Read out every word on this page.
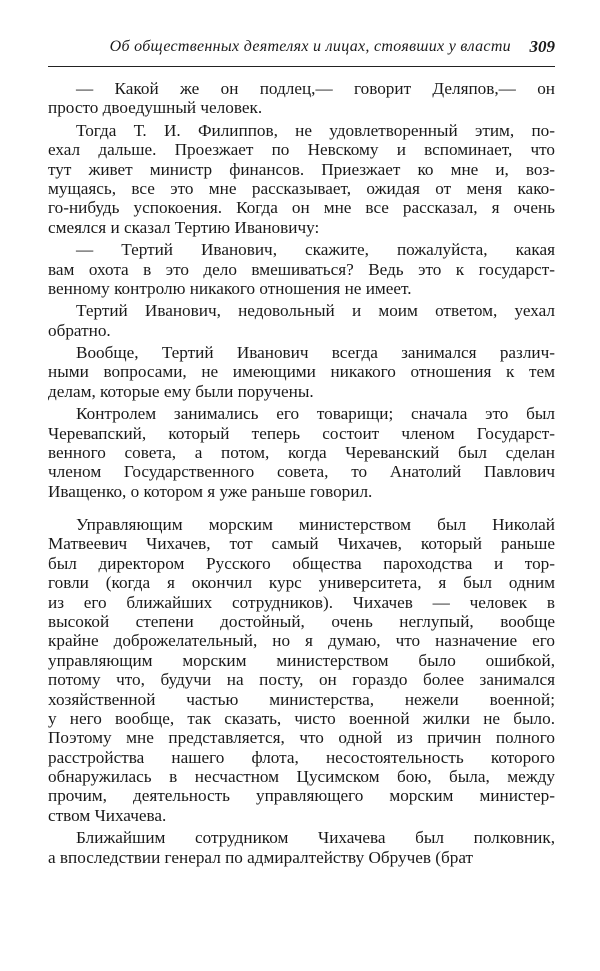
Об общественных деятелях и лицах, стоявших у власти 309
— Какой же он подлец,— говорит Деляпов,— он
просто двоедушный человек.
Тогда Т. И. Филиппов, не удовлетворенный этим, по-
ехал дальше. Проезжает по Невскому и вспоминает, что
тут живет министр финансов. Приезжает ко мне и, воз-
мущаясь, все это мне рассказывает, ожидая от меня како-
го-нибудь успокоения. Когда он мне все рассказал, я очень
смеялся и сказал Тертию Ивановичу:
— Тертий Иванович, скажите, пожалуйста, какая
вам охота в это дело вмешиваться? Ведь это к государст-
венному контролю никакого отношения не имеет.
Тертий Иванович, недовольный и моим ответом, уехал
обратно.
Вообще, Тертий Иванович всегда занимался различ-
ными вопросами, не имеющими никакого отношения к тем
делам, которые ему были поручены.
Контролем занимались его товарищи; сначала это был
Черевапский, который теперь состоит членом Государст-
венного совета, а потом, когда Череванский был сделан
членом Государственного совета, то Анатолий Павлович
Иващенко, о котором я уже раньше говорил.
Управляющим морским министерством был Николай
Матвеевич Чихачев, тот самый Чихачев, который раньше
был директором Русского общества пароходства и тор-
говли (когда я окончил курс университета, я был одним
из его ближайших сотрудников). Чихачев — человек в
высокой степени достойный, очень неглупый, вообще
крайне доброжелательный, но я думаю, что назначение его
управляющим морским министерством было ошибкой,
потому что, будучи на посту, он гораздо более занимался
хозяйственной частью министерства, нежели военной;
у него вообще, так сказать, чисто военной жилки не было.
Поэтому мне представляется, что одной из причин полного
расстройства нашего флота, несостоятельность которого
обнаружилась в несчастном Цусимском бою, была, между
прочим, деятельность управляющего морским министер-
ством Чихачева.
Ближайшим сотрудником Чихачева был полковник,
а впоследствии генерал по адмиралтейству Обручев (брат
